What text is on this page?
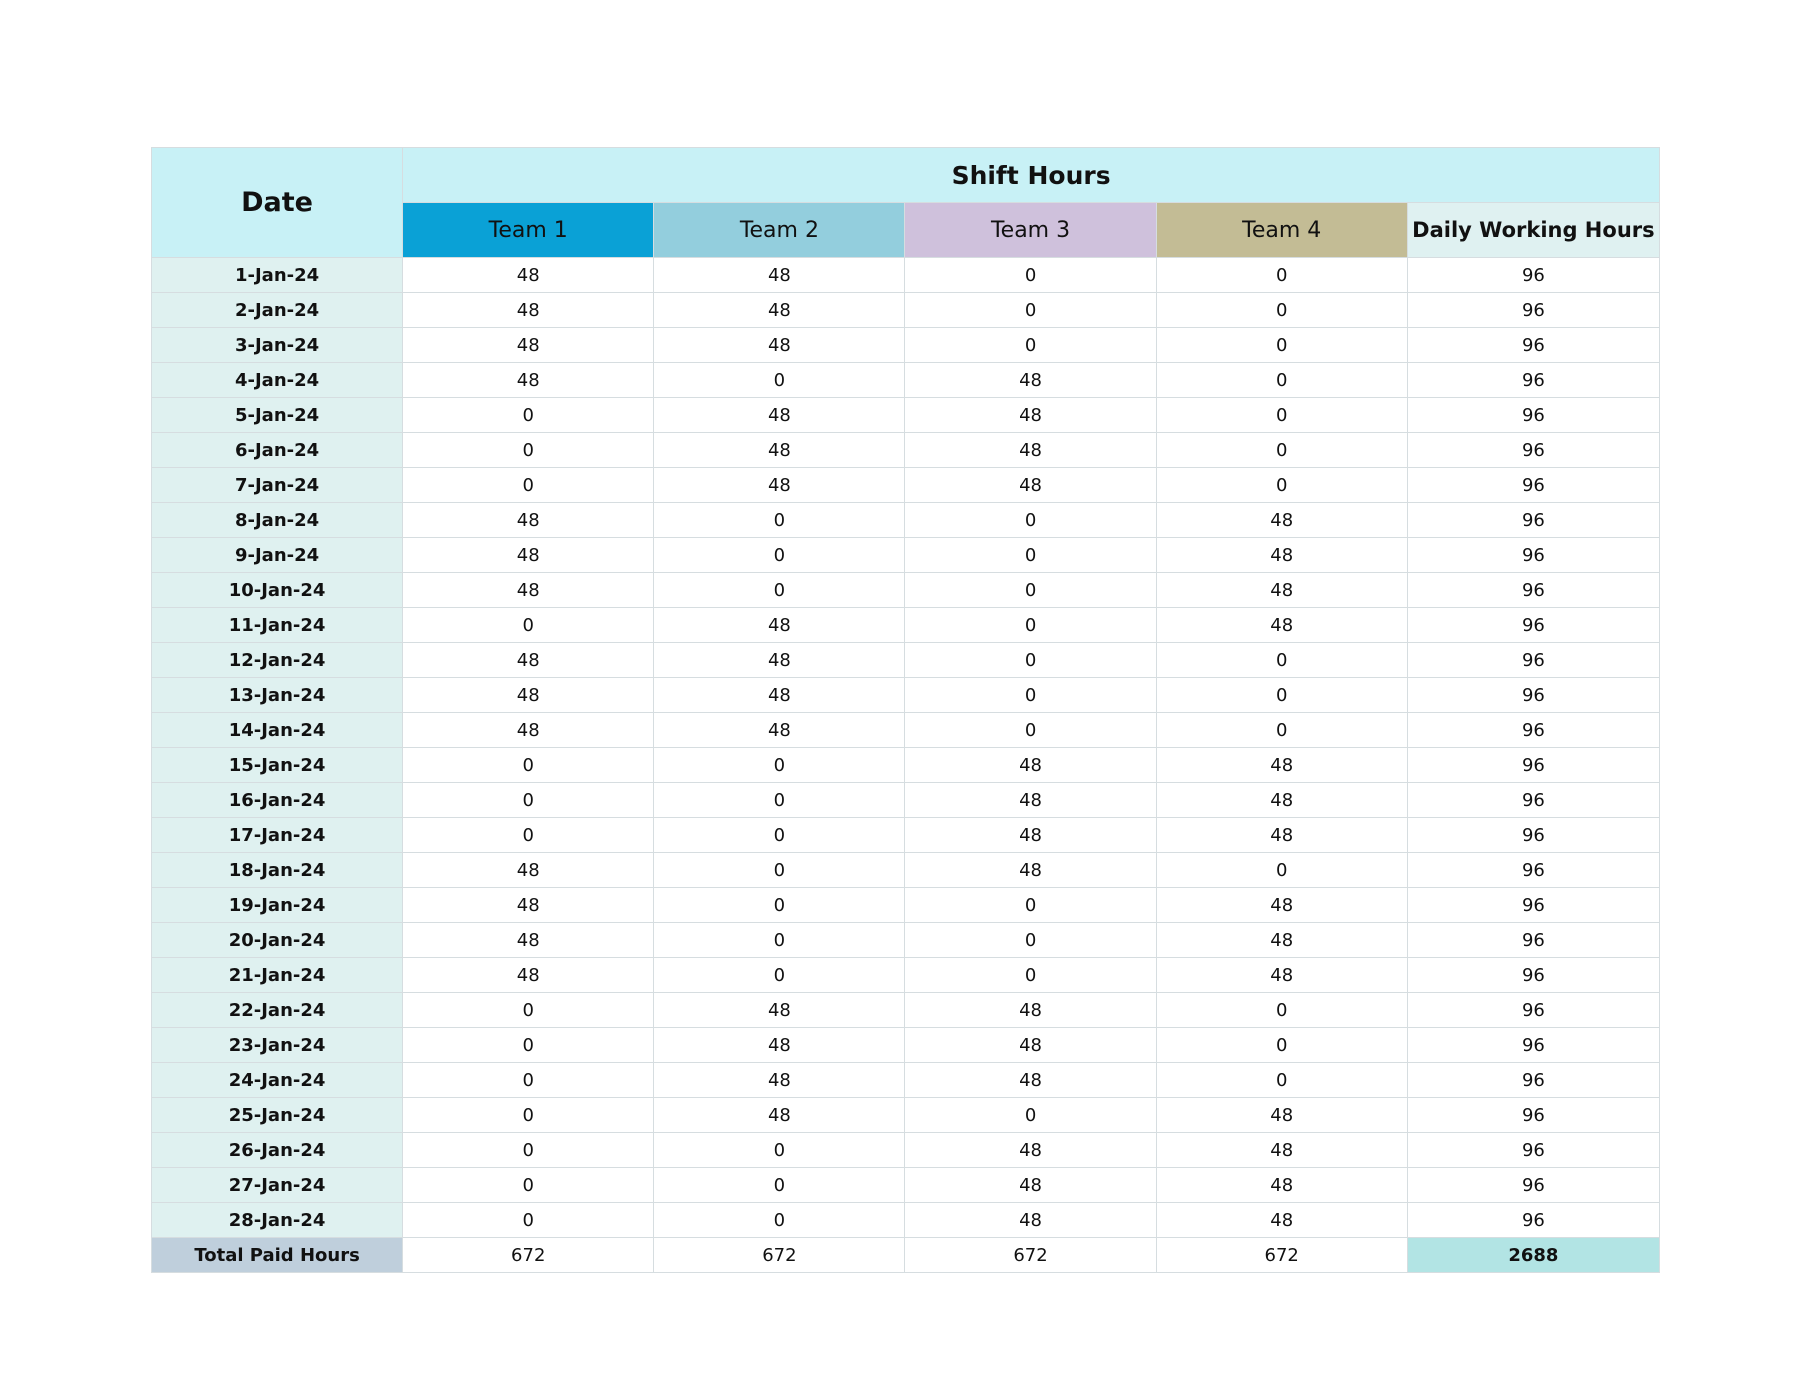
Date	Shift Hours				
	Team 1	Team 2	Team 3	Team 4	Daily Working Hours
1-Jan-24	48	48	0	0	96
2-Jan-24	48	48	0	0	96
3-Jan-24	48	48	0	0	96
4-Jan-24	48	0	48	0	96
5-Jan-24	0	48	48	0	96
6-Jan-24	0	48	48	0	96
7-Jan-24	0	48	48	0	96
8-Jan-24	48	0	0	48	96
9-Jan-24	48	0	0	48	96
10-Jan-24	48	0	0	48	96
11-Jan-24	0	48	0	48	96
12-Jan-24	48	48	0	0	96
13-Jan-24	48	48	0	0	96
14-Jan-24	48	48	0	0	96
15-Jan-24	0	0	48	48	96
16-Jan-24	0	0	48	48	96
17-Jan-24	0	0	48	48	96
18-Jan-24	48	0	48	0	96
19-Jan-24	48	0	0	48	96
20-Jan-24	48	0	0	48	96
21-Jan-24	48	0	0	48	96
22-Jan-24	0	48	48	0	96
23-Jan-24	0	48	48	0	96
24-Jan-24	0	48	48	0	96
25-Jan-24	0	48	0	48	96
26-Jan-24	0	0	48	48	96
27-Jan-24	0	0	48	48	96
28-Jan-24	0	0	48	48	96
Total Paid Hours	672	672	672	672	2688
